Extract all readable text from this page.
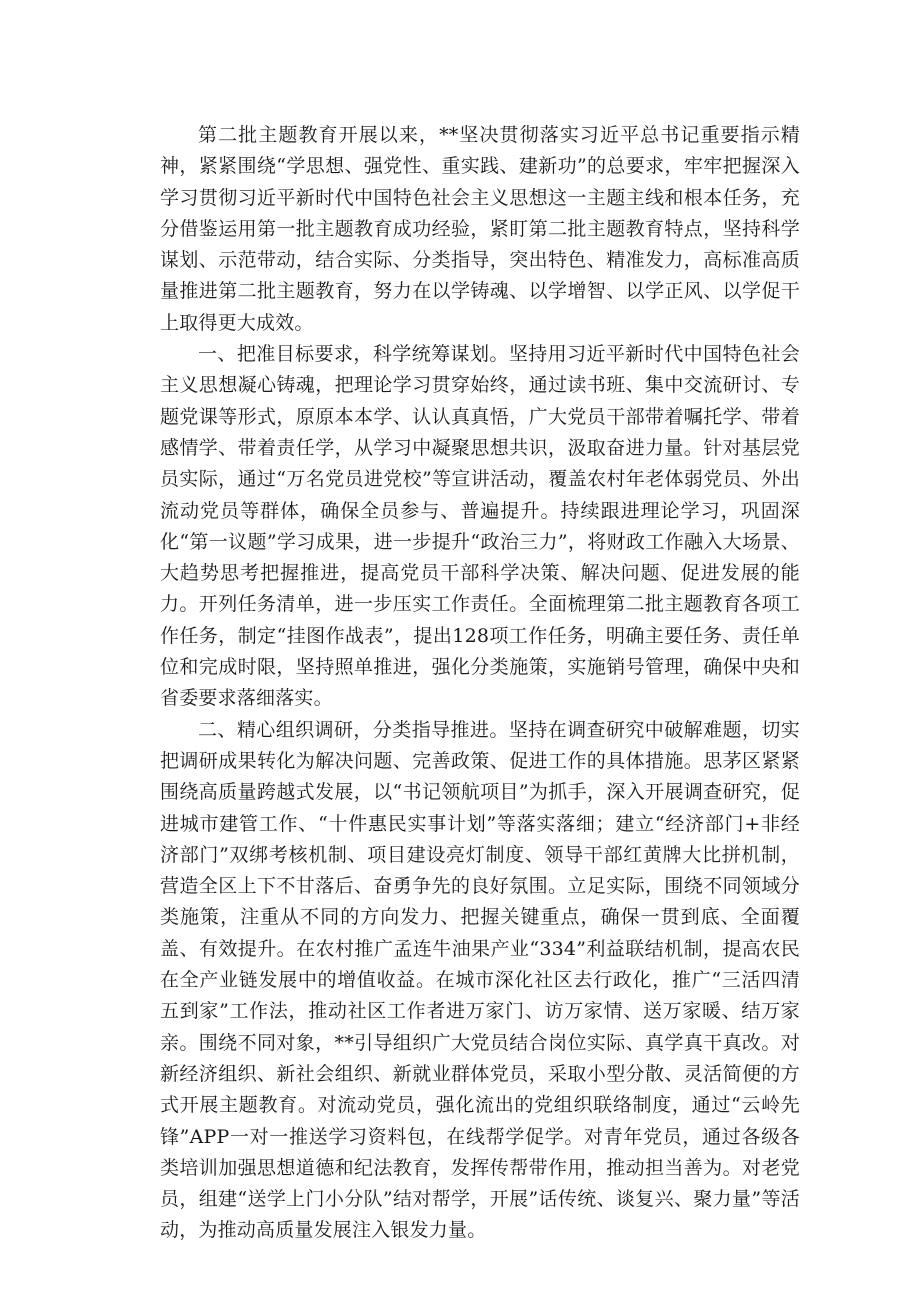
第二批主题教育开展以来，**坚决贯彻落实习近平总书记重要指示精神，紧紧围绕“学思想、强党性、重实践、建新功”的总要求，牢牢把握深入学习贯彻习近平新时代中国特色社会主义思想这一主题主线和根本任务，充分借鉴运用第一批主题教育成功经验，紧盯第二批主题教育特点，坚持科学谋划、示范带动，结合实际、分类指导，突出特色、精准发力，高标准高质量推进第二批主题教育，努力在以学铸魂、以学增智、以学正风、以学促干上取得更大成效。

一、把准目标要求，科学统筹谋划。坚持用习近平新时代中国特色社会主义思想凝心铸魂，把理论学习贯穿始终，通过读书班、集中交流研讨、专题党课等形式，原原本本学、认认真真悟，广大党员干部带着嘱托学、带着感情学、带着责任学，从学习中凝聚思想共识，汲取奋进力量。针对基层党员实际，通过“万名党员进党校”等宣讲活动，覆盖农村年老体弱党员、外出流动党员等群体，确保全员参与、普遍提升。持续跟进理论学习，巩固深化“第一议题”学习成果，进一步提升“政治三力”，将财政工作融入大场景、大趋势思考把握推进，提高党员干部科学决策、解决问题、促进发展的能力。开列任务清单，进一步压实工作责任。全面梳理第二批主题教育各项工作任务，制定“挂图作战表”，提出128项工作任务，明确主要任务、责任单位和完成时限，坚持照单推进，强化分类施策，实施销号管理，确保中央和省委要求落细落实。

二、精心组织调研，分类指导推进。坚持在调查研究中破解难题，切实把调研成果转化为解决问题、完善政策、促进工作的具体措施。思茅区紧紧围绕高质量跨越式发展，以“书记领航项目”为抓手，深入开展调查研究，促进城市建管工作、“十件惠民实事计划”等落实落细；建立“经济部门+非经济部门”双绑考核机制、项目建设亮灯制度、领导干部红黄牌大比拼机制，营造全区上下不甘落后、奋勇争先的良好氛围。立足实际，围绕不同领域分类施策，注重从不同的方向发力、把握关键重点，确保一贯到底、全面覆盖、有效提升。在农村推广孟连牛油果产业“334”利益联结机制，提高农民在全产业链发展中的增值收益。在城市深化社区去行政化，推广“三活四清五到家”工作法，推动社区工作者进万家门、访万家情、送万家暖、结万家亲。围绕不同对象，**引导组织广大党员结合岗位实际、真学真干真改。对新经济组织、新社会组织、新就业群体党员，采取小型分散、灵活简便的方式开展主题教育。对流动党员，强化流出的党组织联络制度，通过“云岭先锋”APP一对一推送学习资料包，在线帮学促学。对青年党员，通过各级各类培训加强思想道德和纪法教育，发挥传帮带作用，推动担当善为。对老党员，组建“送学上门小分队”结对帮学，开展”话传统、谈复兴、聚力量”等活动，为推动高质量发展注入银发力量。
